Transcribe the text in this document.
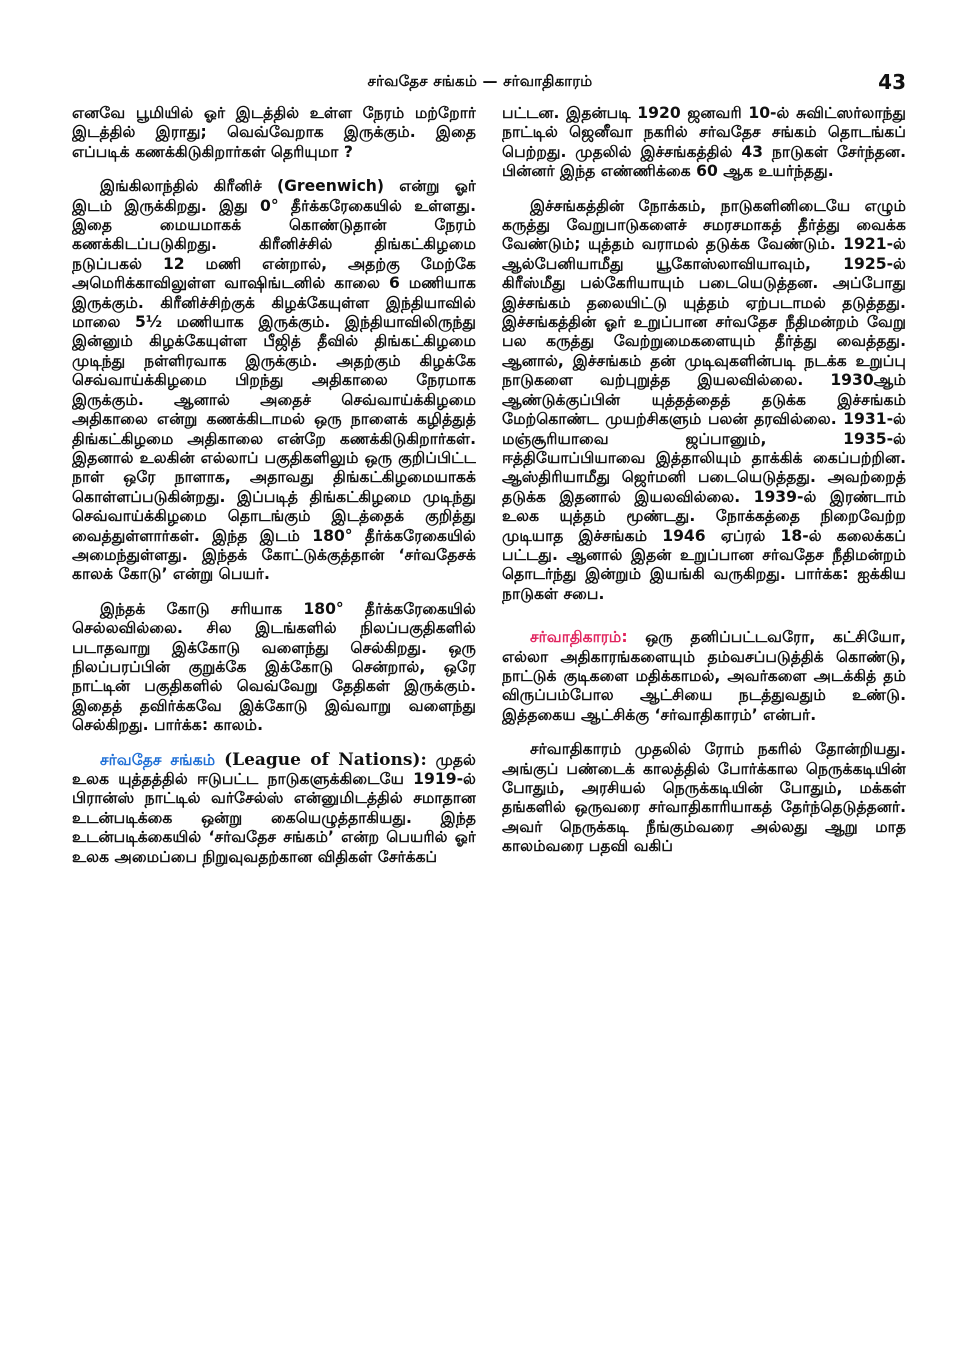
சர்வதேச சங்கம் — சர்வாதிகாரம்	43

எனவே பூமியில் ஓர் இடத்தில் உள்ள நேரம் மற்றோர் இடத்தில் இராது; வெவ்வேறாக இருக்கும். இதை எப்படிக் கணக்கிடுகிறார்கள் தெரியுமா ?

இங்கிலாந்தில் கிரீனிச் (Greenwich) என்று ஓர் இடம் இருக்கிறது. இது 0° தீர்க்கரேகையில் உள்ளது. இதை மையமாகக் கொண்டுதான் நேரம் கணக்கிடப்படுகிறது. கிரீனிச்சில் திங்கட்கிழமை நடுப்பகல் 12 மணி என்றால், அதற்கு மேற்கே அமெரிக்காவிலுள்ள வாஷிங்டனில் காலை 6 மணியாக இருக்கும். கிரீனிச்சிற்குக் கிழக்கேயுள்ள இந்தியாவில் மாலை 5½ மணியாக இருக்கும். இந்தியாவிலிருந்து இன்னும் கிழக்கேயுள்ள பீஜித் தீவில் திங்கட்கிழமை முடிந்து நள்ளிரவாக இருக்கும். அதற்கும் கிழக்கே செவ்வாய்க்கிழமை பிறந்து அதிகாலை நேரமாக இருக்கும். ஆனால் அதைச் செவ்வாய்க்கிழமை அதிகாலை என்று கணக்கிடாமல் ஒரு நாளைக் கழித்துத் திங்கட்கிழமை அதிகாலை என்றே கணக்கிடுகிறார்கள். இதனால் உலகின் எல்லாப் பகுதிகளிலும் ஒரு குறிப்பிட்ட நாள் ஒரே நாளாக, அதாவது திங்கட்கிழமையாகக் கொள்ளப்படுகின்றது. இப்படித் திங்கட்கிழமை முடிந்து செவ்வாய்க்கிழமை தொடங்கும் இடத்தைக் குறித்து வைத்துள்ளார்கள். இந்த இடம் 180° தீர்க்கரேகையில் அமைந்துள்ளது. இந்தக் கோட்டுக்குத்தான் ‘சர்வதேசக் காலக் கோடு’ என்று பெயர்.

இந்தக் கோடு சரியாக 180° தீர்க்கரேகையில் செல்லவில்லை. சில இடங்களில் நிலப்பகுதிகளில் படாதவாறு இக்கோடு வளைந்து செல்கிறது. ஒரு நிலப்பரப்பின் குறுக்கே இக்கோடு சென்றால், ஒரே நாட்டின் பகுதிகளில் வெவ்வேறு தேதிகள் இருக்கும். இதைத் தவிர்க்கவே இக்கோடு இவ்வாறு வளைந்து செல்கிறது. பார்க்க: காலம்.

சர்வதேச சங்கம் (League of Nations): முதல் உலக யுத்தத்தில் ஈடுபட்ட நாடுகளுக்கிடையே 1919-ல் பிரான்ஸ் நாட்டில் வர்சேல்ஸ் என்னுமிடத்தில் சமாதான உடன்படிக்கை ஒன்று கையெழுத்தாகியது. இந்த உடன்படிக்கையில் ‘சர்வதேச சங்கம்’ என்ற பெயரில் ஓர் உலக அமைப்பை நிறுவுவதற்கான விதிகள் சேர்க்கப்

பட்டன. இதன்படி 1920 ஜனவரி 10-ல் சுவிட்ஸர்லாந்து நாட்டில் ஜெனீவா நகரில் சர்வதேச சங்கம் தொடங்கப் பெற்றது. முதலில் இச்சங்கத்தில் 43 நாடுகள் சேர்ந்தன. பின்னர் இந்த எண்ணிக்கை 60 ஆக உயர்ந்தது.

இச்சங்கத்தின் நோக்கம், நாடுகளினிடையே எழும் கருத்து வேறுபாடுகளைச் சமரசமாகத் தீர்த்து வைக்க வேண்டும்; யுத்தம் வராமல் தடுக்க வேண்டும். 1921-ல் ஆல்பேனியாமீது யூகோஸ்லாவியாவும், 1925-ல் கிரீஸ்மீது பல்கேரியாயும் படையெடுத்தன. அப்போது இச்சங்கம் தலையிட்டு யுத்தம் ஏற்படாமல் தடுத்தது. இச்சங்கத்தின் ஓர் உறுப்பான சர்வதேச நீதிமன்றம் வேறு பல கருத்து வேற்றுமைகளையும் தீர்த்து வைத்தது. ஆனால், இச்சங்கம் தன் முடிவுகளின்படி நடக்க உறுப்பு நாடுகளை வற்புறுத்த இயலவில்லை. 1930ஆம் ஆண்டுக்குப்பின் யுத்தத்தைத் தடுக்க இச்சங்கம் மேற்கொண்ட முயற்சிகளும் பலன் தரவில்லை. 1931-ல் மஞ்சூரியாவை ஜப்பானும், 1935-ல் ஈத்தியோப்பியாவை இத்தாலியும் தாக்கிக் கைப்பற்றின. ஆஸ்திரியாமீது ஜெர்மனி படையெடுத்தது. அவற்றைத் தடுக்க இதனால் இயலவில்லை. 1939-ல் இரண்டாம் உலக யுத்தம் மூண்டது. நோக்கத்தை நிறைவேற்ற முடியாத இச்சங்கம் 1946 ஏப்ரல் 18-ல் கலைக்கப் பட்டது. ஆனால் இதன் உறுப்பான சர்வதேச நீதிமன்றம் தொடர்ந்து இன்றும் இயங்கி வருகிறது. பார்க்க: ஐக்கிய நாடுகள் சபை.

சர்வாதிகாரம்: ஒரு தனிப்பட்டவரோ, கட்சியோ, எல்லா அதிகாரங்களையும் தம்வசப்படுத்திக் கொண்டு, நாட்டுக் குடிகளை மதிக்காமல், அவர்களை அடக்கித் தம் விருப்பம்போல ஆட்சியை நடத்துவதும் உண்டு. இத்தகைய ஆட்சிக்கு ‘சர்வாதிகாரம்’ என்பர்.

சர்வாதிகாரம் முதலில் ரோம் நகரில் தோன்றியது. அங்குப் பண்டைக் காலத்தில் போர்க்கால நெருக்கடியின் போதும், அரசியல் நெருக்கடியின் போதும், மக்கள் தங்களில் ஒருவரை சர்வாதிகாரியாகத் தேர்ந்தெடுத்தனர். அவர் நெருக்கடி நீங்கும்வரை அல்லது ஆறு மாத காலம்வரை பதவி வகிப்
